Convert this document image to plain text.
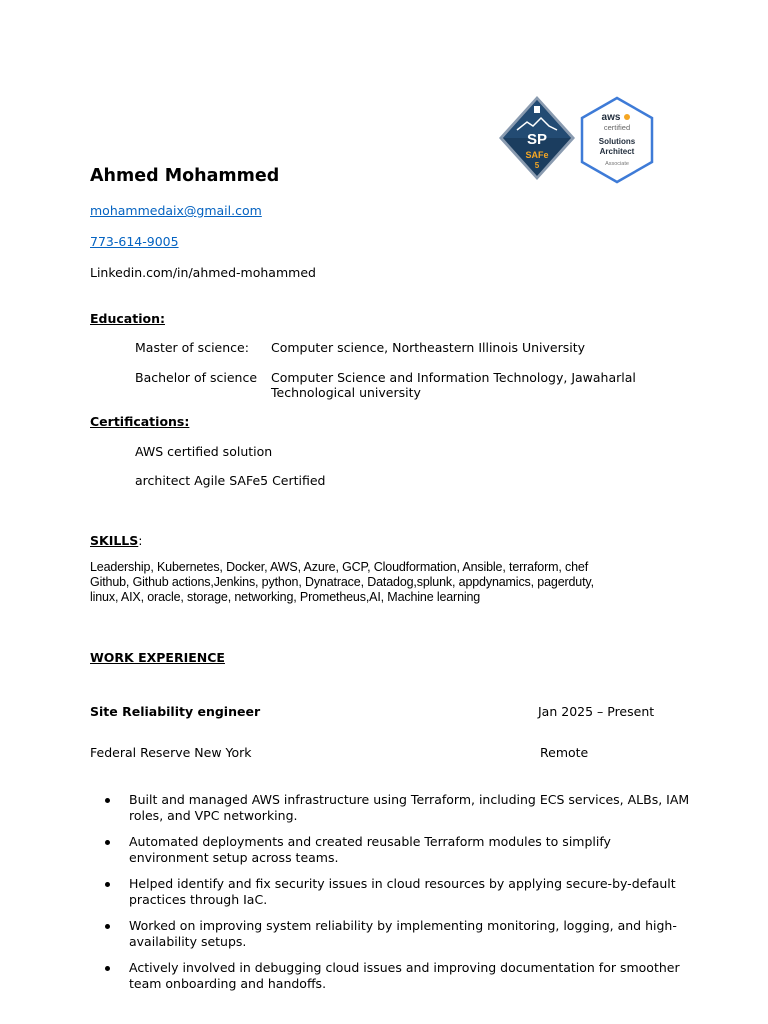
SP
SAFe
5
aws
certified
Solutions
Architect
Associate
Ahmed Mohammed
mohammedaix@gmail.com
773-614-9005
Linkedin.com/in/ahmed-mohammed
Education:
Master of science: Computer science, Northeastern Illinois University
Bachelor of science Computer Science and Information Technology, Jawaharlal Technological university
Certifications:
AWS certified solution
architect Agile SAFe5 Certified
SKILLS:
Leadership, Kubernetes, Docker, AWS, Azure, GCP, Cloudformation, Ansible, terraform, chef Github, Github actions,Jenkins, python, Dynatrace, Datadog,splunk, appdynamics, pagerduty, linux, AIX, oracle, storage, networking, Prometheus,AI, Machine learning
WORK EXPERIENCE
Site Reliability engineer	Jan 2025 – Present
Federal Reserve New York	Remote
Built and managed AWS infrastructure using Terraform, including ECS services, ALBs, IAM roles, and VPC networking.
Automated deployments and created reusable Terraform modules to simplify environment setup across teams.
Helped identify and fix security issues in cloud resources by applying secure-by-default practices through IaC.
Worked on improving system reliability by implementing monitoring, logging, and high-availability setups.
Actively involved in debugging cloud issues and improving documentation for smoother team onboarding and handoffs.
